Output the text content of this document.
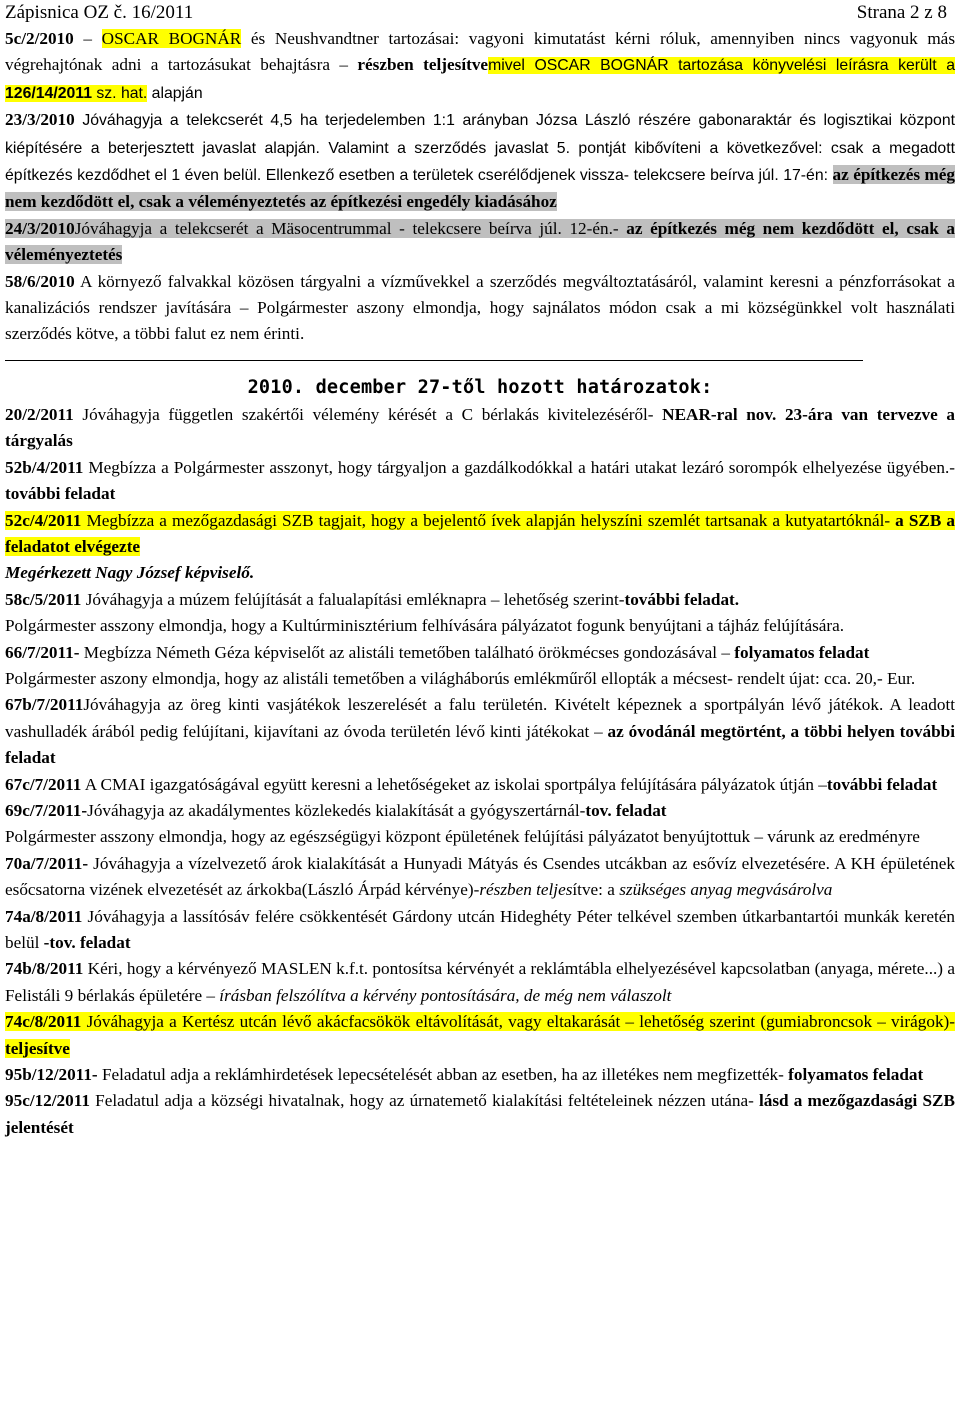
Zápisnica OZ č. 16/2011	Strana 2 z 8

5c/2/2010 – OSCAR BOGNÁR és Neushvandtner tartozásai: vagyoni kimutatást kérni róluk, amennyiben nincs vagyonuk más végrehajtónak adni a tartozásukat behajtásra – részben teljesítvemivel OSCAR BOGNÁR tartozása könyvelési leírásra került a 126/14/2011 sz. hat. alapján

23/3/2010 Jóváhagyja a telekcserét 4,5 ha terjedelemben 1:1 arányban Józsa László részére gabonaraktár és logisztikai központ kiépítésére a beterjesztett javaslat alapján. Valamint a szerződés javaslat 5. pontját kibővíteni a következővel: csak a megadott építkezés kezdődhet el 1 éven belül. Ellenkező esetben a területek cserélődjenek vissza- telekcsere beírva júl. 17-én: az építkezés még nem kezdődött el, csak a véleményeztetés az építkezési engedély kiadásához

24/3/2010Jóváhagyja a telekcserét a Mäsocentrummal - telekcsere beírva júl. 12-én.- az építkezés még nem kezdődött el, csak a véleményeztetés

58/6/2010 A környező falvakkal közösen tárgyalni a vízművekkel a szerződés megváltoztatásáról, valamint keresni a pénzforrásokat a kanalizációs rendszer javítására – Polgármester aszony elmondja, hogy sajnálatos módon csak a mi községünkkel volt használati szerződés kötve, a többi falut ez nem érinti.

2010. december 27-től hozott határozatok:

20/2/2011 Jóváhagyja független szakértői vélemény kérését a C bérlakás kivitelezéséről- NEAR-ral nov. 23-ára van tervezve a tárgyalás

52b/4/2011 Megbízza a Polgármester asszonyt, hogy tárgyaljon a gazdálkodókkal a határi utakat lezáró sorompók elhelyezése ügyében.- további feladat

52c/4/2011 Megbízza a mezőgazdasági SZB tagjait, hogy a bejelentő ívek alapján helyszíni szemlét tartsanak a kutyatartóknál- a SZB a feladatot elvégezte

Megérkezett Nagy József képviselő.

58c/5/2011 Jóváhagyja a múzem felújítását a falualapítási emléknapra – lehetőség szerint-további feladat.

Polgármester asszony elmondja, hogy a Kultúrminisztérium felhívására pályázatot fogunk benyújtani a tájház felújítására.

66/7/2011- Megbízza Németh Géza képviselőt az alistáli temetőben található örökmécses gondozásával – folyamatos feladat

Polgármester aszony elmondja, hogy az alistáli temetőben a világháborús emlékműről ellopták a mécsest- rendelt újat: cca. 20,- Eur.

67b/7/2011Jóváhagyja az öreg kinti vasjátékok leszerelését a falu területén. Kivételt képeznek a sportpályán lévő játékok. A leadott vashulladék árából pedig felújítani, kijavítani az óvoda területén lévő kinti játékokat – az óvodánál megtörtént, a többi helyen további feladat

67c/7/2011 A CMAI igazgatóságával együtt keresni a lehetőségeket az iskolai sportpálya felújítására pályázatok útján –további feladat

69c/7/2011-Jóváhagyja az akadálymentes közlekedés kialakítását a gyógyszertárnál-tov. feladat

Polgármester asszony elmondja, hogy az egészségügyi központ épületének felújítási pályázatot benyújtottuk – várunk az eredményre

70a/7/2011- Jóváhagyja a vízelvezető árok kialakítását a Hunyadi Mátyás és Csendes utcákban az esővíz elvezetésére. A KH épületének esőcsatorna vizének elvezetését az árkokba(László Árpád kérvénye)-részben teljesítve: a szükséges anyag megvásárolva

74a/8/2011 Jóváhagyja a lassítósáv felére csökkentését Gárdony utcán Hideghéty Péter telkével szemben útkarbantartói munkák keretén belül -tov. feladat

74b/8/2011 Kéri, hogy a kérvényező MASLEN k.f.t. pontosítsa kérvényét a reklámtábla elhelyezésével kapcsolatban (anyaga, mérete...) a Felistáli 9 bérlakás épületére – írásban felszólítva a kérvény pontosítására, de még nem válaszolt

74c/8/2011 Jóváhagyja a Kertész utcán lévő akácfacsökök eltávolítását, vagy eltakarását – lehetőség szerint (gumiabroncsok – virágok)- teljesítve

95b/12/2011- Feladatul adja a reklámhirdetések lepecsételését abban az esetben, ha az illetékes nem megfizették- folyamatos feladat

95c/12/2011 Feladatul adja a községi hivatalnak, hogy az úrnatemető kialakítási feltételeinek nézzen utána- lásd a mezőgazdasági SZB jelentését
